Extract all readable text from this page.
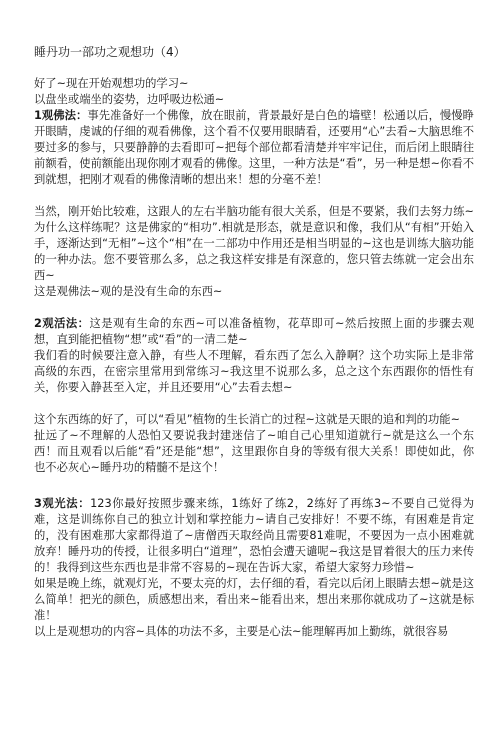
睡丹功一部功之观想功（4）

好了~现在开始观想功的学习~

以盘坐或端坐的姿势，边呼吸边松通~

1观佛法：事先准备好一个佛像，放在眼前，背景最好是白色的墙壁！松通以后，慢慢睁开眼睛，虔诚的仔细的观看佛像，这个看不仅要用眼睛看，还要用“心”去看~大脑思维不要过多的参与，只要静静的去看即可~把每个部位都看清楚并牢牢记住，而后闭上眼睛往前额看，使前额能出现你刚才观看的佛像。这里，一种方法是“看”，另一种是想~你看不到就想，把刚才观看的佛像清晰的想出来！想的分毫不差！

当然，刚开始比较难，这跟人的左右半脑功能有很大关系，但是不要紧，我们去努力练~为什么这样练呢？这是佛家的“相功”.相就是形态，就是意识和像，我们从“有相”开始入手，逐渐达到“无相”~这个“相”在一二部功中作用还是相当明显的~这也是训练大脑功能的一种办法。您不要管那么多，总之我这样安排是有深意的，您只管去练就一定会出东西~

这是观佛法~观的是没有生命的东西~

2观活法：这是观有生命的东西~可以准备植物，花草即可~然后按照上面的步骤去观想，直到能把植物“想”或“看”的一清二楚~

我们看的时候要注意入静，有些人不理解，看东西了怎么入静啊？这个功实际上是非常高级的东西，在密宗里常用到常练习~我这里不说那么多，总之这个东西跟你的悟性有关，你要入静甚至入定，并且还要用“心”去看去想~

这个东西练的好了，可以“看见”植物的生长消亡的过程~这就是天眼的追和判的功能~

扯远了~不理解的人恐怕又要说我封建迷信了~咱自己心里知道就行~就是这么一个东西！而且观看以后能“看”还是能“想”，这里跟你自身的等级有很大关系！即使如此，你也不必灰心~睡丹功的精髓不是这个！

3观光法：123你最好按照步骤来练，1练好了练2，2练好了再练3~不要自己觉得为难，这是训练你自己的独立计划和掌控能力~请自己安排好！不要不练，有困难是肯定的，没有困难那大家都得道了~唐僧西天取经尚且需要81难呢，不要因为一点小困难就放弃！睡丹功的传授，让很多明白“道理”，恐怕会遭天谴呢~我这是冒着很大的压力来传的！我得到这些东西也是非常不容易的~现在告诉大家，希望大家努力珍惜~

如果是晚上练，就观灯光，不要太亮的灯，去仔细的看，看完以后闭上眼睛去想~就是这么简单！把光的颜色，质感想出来，看出来~能看出来，想出来那你就成功了~这就是标准！

以上是观想功的内容~具体的功法不多，主要是心法~能理解再加上勤练，就很容易
